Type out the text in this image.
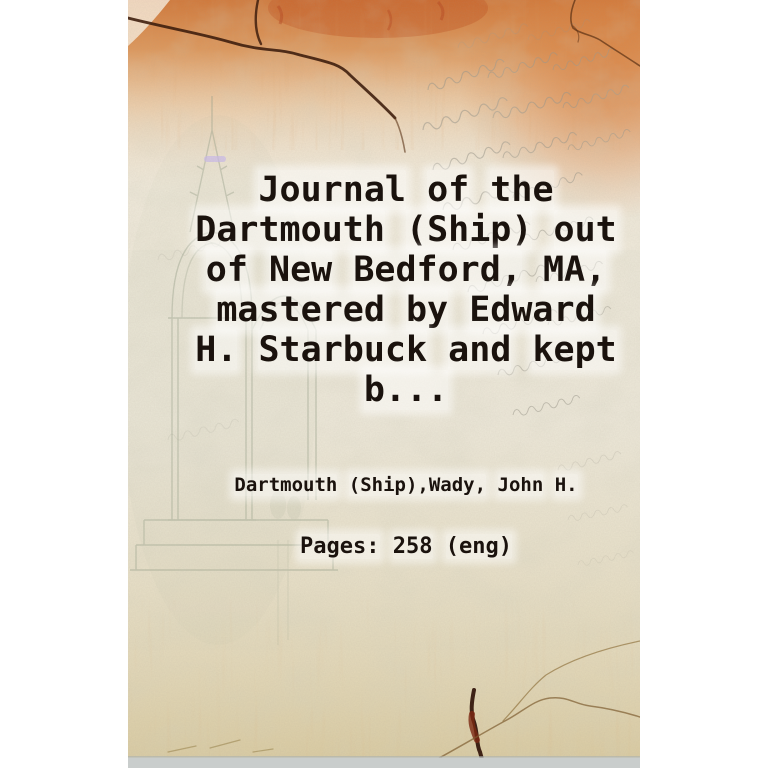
Journal of the
Dartmouth (Ship) out
of New Bedford, MA,
mastered by Edward
H. Starbuck and kept
b...
Dartmouth (Ship),Wady, John H.
Pages: 258 (eng)
